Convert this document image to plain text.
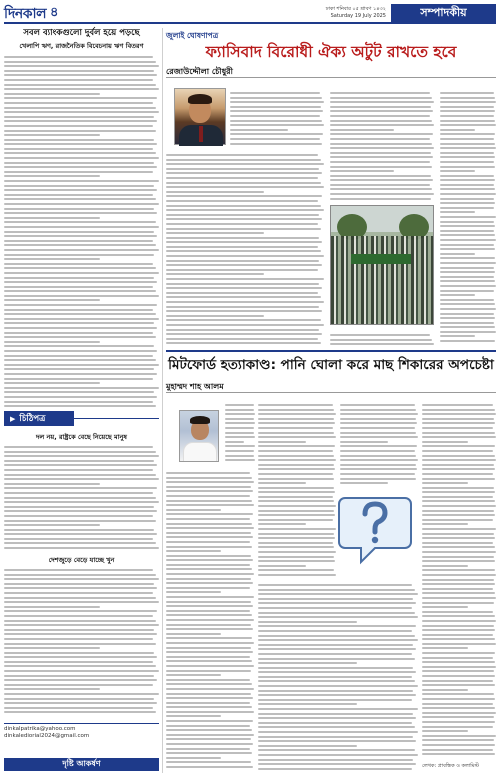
দিনকাল ৪	ঢাকা শনিবার ০৫ শ্রাবণ ১৪৩২
Saturday 19 July 2025	সম্পাদকীয়
সবল ব্যাংকগুলো দুর্বল হয়ে পড়ছে
খেলাপি ঋণ, রাজনৈতিক বিবেচনায় ঋণ বিতরণ
▶ চিঠিপত্র
দল নয়, রাষ্ট্রকে বেছে নিয়েছে মানুষ
দেশজুড়ে বেড়ে যাচ্ছে খুন
dinkalpatrika@yahoo.com
dinkalediorial2024@gmail.com
দৃষ্টি আকর্ষণ
জুলাই ঘোষণাপত্র
ফ্যাসিবাদ বিরোধী ঐক্য অটুট রাখতে হবে
রেজাউদ্দৌলা চৌধুরী
মিটফোর্ড হত্যাকাণ্ড: পানি ঘোলা করে মাছ শিকারের অপচেষ্টা
মুহাম্মদ শাহ আলম
লেখক: প্রাবন্ধিক ও কলামিস্ট
